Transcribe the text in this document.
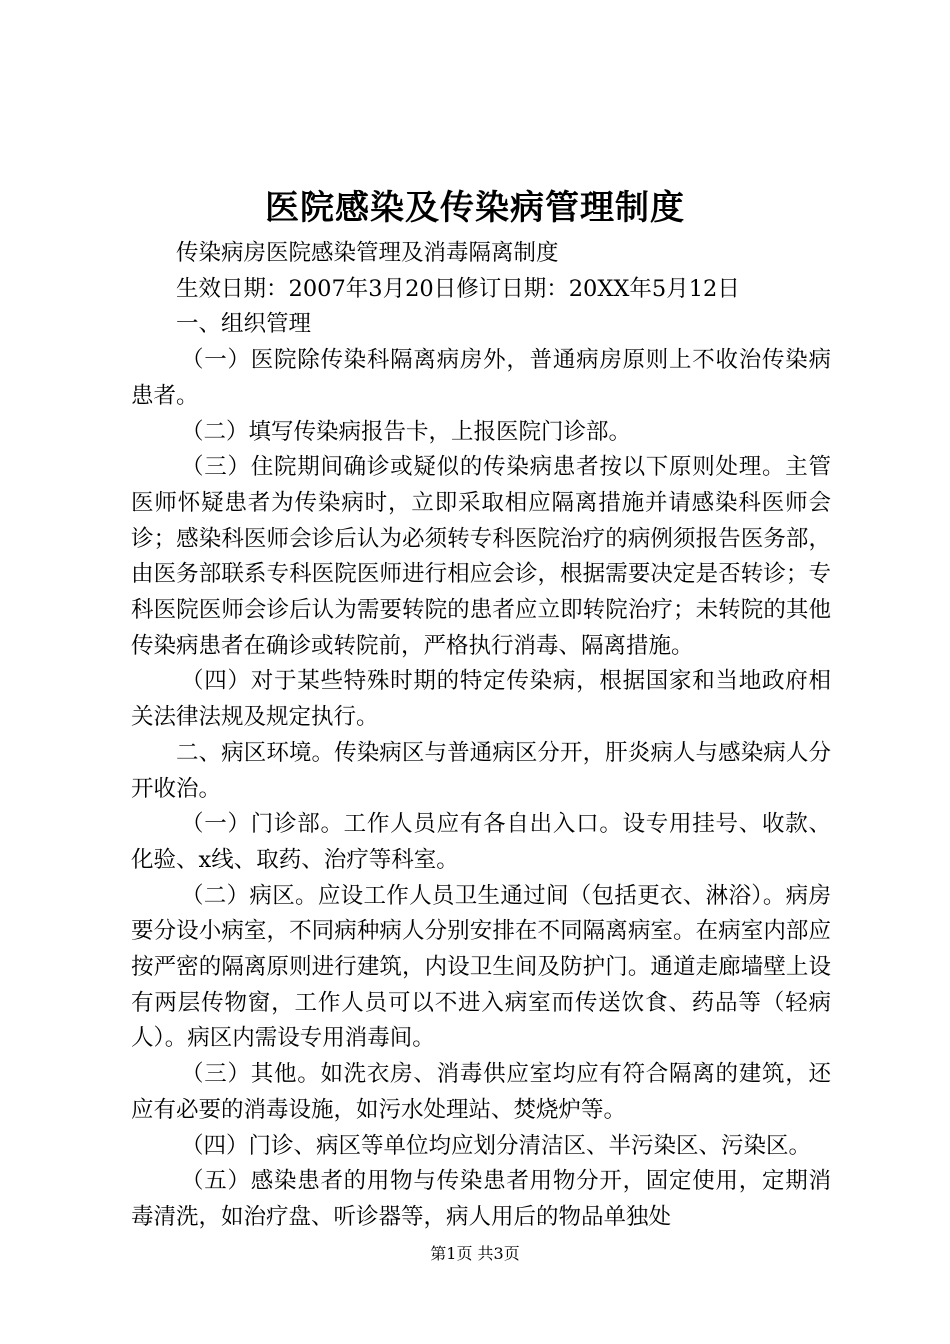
医院感染及传染病管理制度

传染病房医院感染管理及消毒隔离制度

生效日期：2007年3月20日修订日期：20XX年5月12日

一、组织管理

（一）医院除传染科隔离病房外，普通病房原则上不收治传染病患者。

（二）填写传染病报告卡，上报医院门诊部。

（三）住院期间确诊或疑似的传染病患者按以下原则处理。主管医师怀疑患者为传染病时，立即采取相应隔离措施并请感染科医师会诊；感染科医师会诊后认为必须转专科医院治疗的病例须报告医务部，由医务部联系专科医院医师进行相应会诊，根据需要决定是否转诊；专科医院医师会诊后认为需要转院的患者应立即转院治疗；未转院的其他传染病患者在确诊或转院前，严格执行消毒、隔离措施。

（四）对于某些特殊时期的特定传染病，根据国家和当地政府相关法律法规及规定执行。

二、病区环境。传染病区与普通病区分开，肝炎病人与感染病人分开收治。

（一）门诊部。工作人员应有各自出入口。设专用挂号、收款、化验、x线、取药、治疗等科室。

（二）病区。应设工作人员卫生通过间（包括更衣、淋浴）。病房要分设小病室，不同病种病人分别安排在不同隔离病室。在病室内部应按严密的隔离原则进行建筑，内设卫生间及防护门。通道走廊墙壁上设有两层传物窗，工作人员可以不进入病室而传送饮食、药品等（轻病人）。病区内需设专用消毒间。

（三）其他。如洗衣房、消毒供应室均应有符合隔离的建筑，还应有必要的消毒设施，如污水处理站、焚烧炉等。

（四）门诊、病区等单位均应划分清洁区、半污染区、污染区。

（五）感染患者的用物与传染患者用物分开，固定使用，定期消毒清洗，如治疗盘、听诊器等，病人用后的物品单独处

第1页 共3页
